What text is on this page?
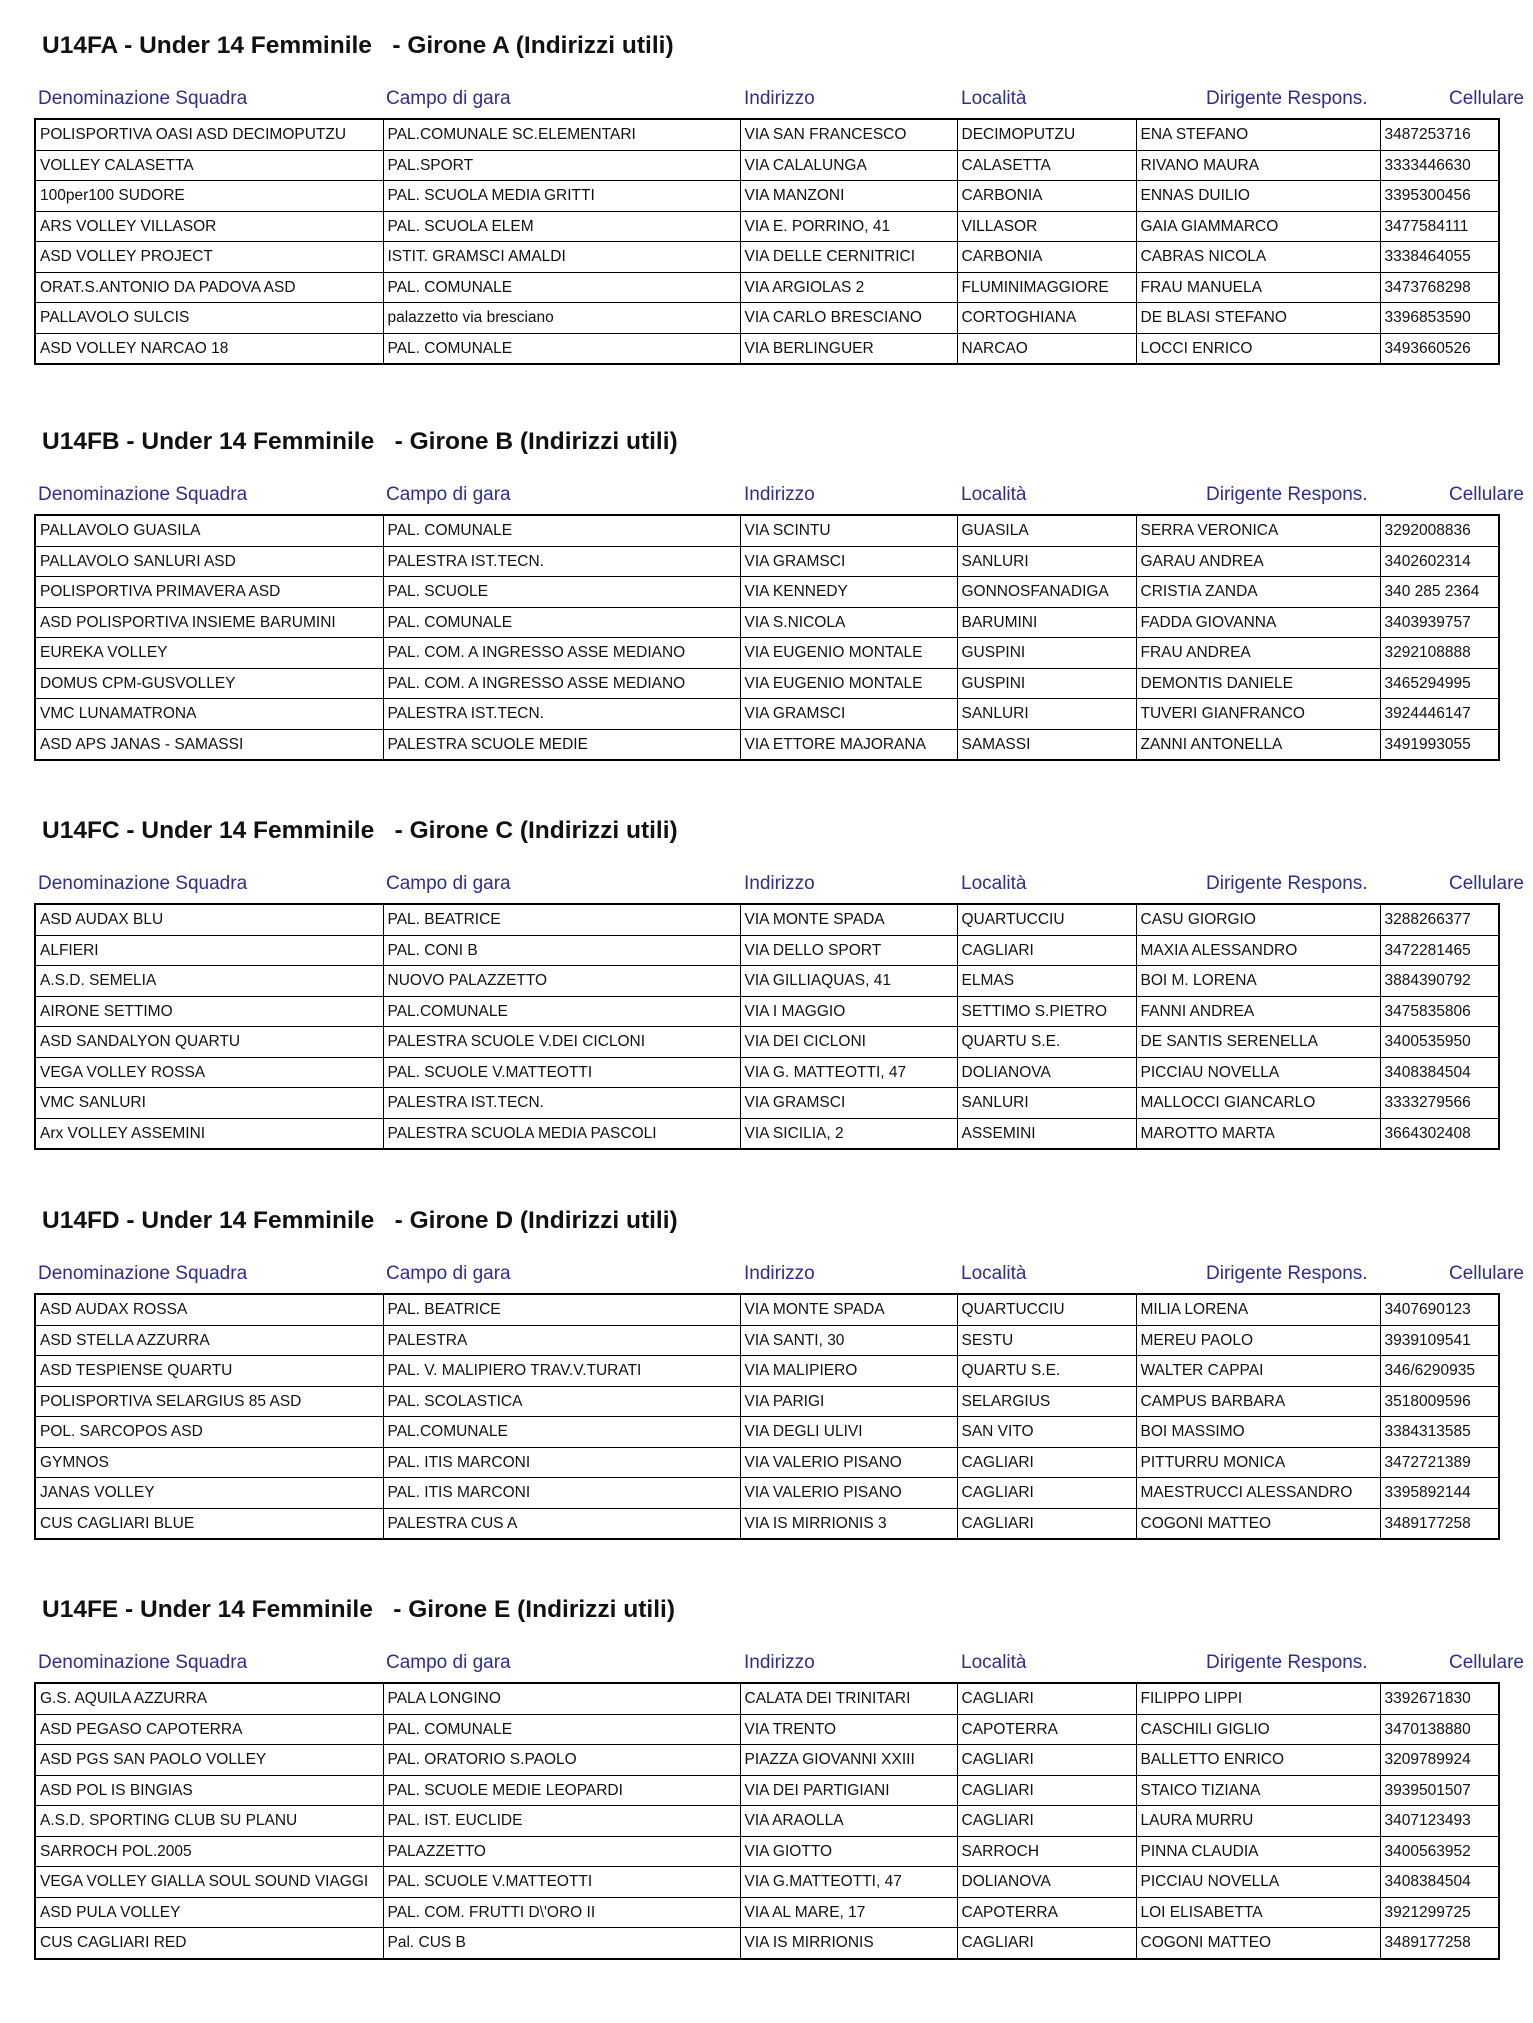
U14FA - Under 14 Femminile   - Girone A (Indirizzi utili)
Denominazione Squadra	Campo di gara	Indirizzo	Località	Dirigente Respons.	Cellulare
POLISPORTIVA OASI ASD DECIMOPUTZU	PAL.COMUNALE SC.ELEMENTARI	VIA SAN FRANCESCO	DECIMOPUTZU	ENA STEFANO	3487253716
VOLLEY CALASETTA	PAL.SPORT	VIA CALALUNGA	CALASETTA	RIVANO MAURA	3333446630
100per100 SUDORE	PAL. SCUOLA MEDIA GRITTI	VIA MANZONI	CARBONIA	ENNAS DUILIO	3395300456
ARS VOLLEY VILLASOR	PAL. SCUOLA ELEM	VIA E. PORRINO, 41	VILLASOR	GAIA GIAMMARCO	3477584111
ASD VOLLEY PROJECT	ISTIT. GRAMSCI AMALDI	VIA DELLE CERNITRICI	CARBONIA	CABRAS NICOLA	3338464055
ORAT.S.ANTONIO DA PADOVA ASD	PAL. COMUNALE	VIA ARGIOLAS 2	FLUMINIMAGGIORE	FRAU MANUELA	3473768298
PALLAVOLO SULCIS	palazzetto via bresciano	VIA CARLO BRESCIANO	CORTOGHIANA	DE BLASI STEFANO	3396853590
ASD VOLLEY NARCAO 18	PAL. COMUNALE	VIA BERLINGUER	NARCAO	LOCCI ENRICO	3493660526
U14FB - Under 14 Femminile   - Girone B (Indirizzi utili)
Denominazione Squadra	Campo di gara	Indirizzo	Località	Dirigente Respons.	Cellulare
PALLAVOLO GUASILA	PAL. COMUNALE	VIA SCINTU	GUASILA	SERRA VERONICA	3292008836
PALLAVOLO SANLURI ASD	PALESTRA IST.TECN.	VIA GRAMSCI	SANLURI	GARAU ANDREA	3402602314
POLISPORTIVA PRIMAVERA ASD	PAL. SCUOLE	VIA KENNEDY	GONNOSFANADIGA	CRISTIA ZANDA	340 285 2364
ASD POLISPORTIVA INSIEME BARUMINI	PAL. COMUNALE	VIA S.NICOLA	BARUMINI	FADDA GIOVANNA	3403939757
EUREKA VOLLEY	PAL. COM. A INGRESSO ASSE MEDIANO	VIA EUGENIO MONTALE	GUSPINI	FRAU ANDREA	3292108888
DOMUS CPM-GUSVOLLEY	PAL. COM. A INGRESSO ASSE MEDIANO	VIA EUGENIO MONTALE	GUSPINI	DEMONTIS DANIELE	3465294995
VMC LUNAMATRONA	PALESTRA IST.TECN.	VIA GRAMSCI	SANLURI	TUVERI GIANFRANCO	3924446147
ASD APS JANAS - SAMASSI	PALESTRA SCUOLE MEDIE	VIA ETTORE MAJORANA	SAMASSI	ZANNI ANTONELLA	3491993055
U14FC - Under 14 Femminile   - Girone C (Indirizzi utili)
Denominazione Squadra	Campo di gara	Indirizzo	Località	Dirigente Respons.	Cellulare
ASD AUDAX BLU	PAL. BEATRICE	VIA MONTE SPADA	QUARTUCCIU	CASU GIORGIO	3288266377
ALFIERI	PAL. CONI B	VIA DELLO SPORT	CAGLIARI	MAXIA ALESSANDRO	3472281465
A.S.D. SEMELIA	NUOVO PALAZZETTO	VIA GILLIAQUAS, 41	ELMAS	BOI M. LORENA	3884390792
AIRONE SETTIMO	PAL.COMUNALE	VIA I MAGGIO	SETTIMO S.PIETRO	FANNI ANDREA	3475835806
ASD SANDALYON QUARTU	PALESTRA SCUOLE V.DEI CICLONI	VIA DEI CICLONI	QUARTU S.E.	DE SANTIS SERENELLA	3400535950
VEGA VOLLEY ROSSA	PAL. SCUOLE V.MATTEOTTI	VIA G. MATTEOTTI, 47	DOLIANOVA	PICCIAU NOVELLA	3408384504
VMC SANLURI	PALESTRA IST.TECN.	VIA GRAMSCI	SANLURI	MALLOCCI GIANCARLO	3333279566
Arx VOLLEY ASSEMINI	PALESTRA SCUOLA MEDIA PASCOLI	VIA SICILIA, 2	ASSEMINI	MAROTTO MARTA	3664302408
U14FD - Under 14 Femminile   - Girone D (Indirizzi utili)
Denominazione Squadra	Campo di gara	Indirizzo	Località	Dirigente Respons.	Cellulare
ASD AUDAX ROSSA	PAL. BEATRICE	VIA MONTE SPADA	QUARTUCCIU	MILIA LORENA	3407690123
ASD STELLA AZZURRA	PALESTRA	VIA SANTI, 30	SESTU	MEREU PAOLO	3939109541
ASD TESPIENSE QUARTU	PAL. V. MALIPIERO TRAV.V.TURATI	VIA MALIPIERO	QUARTU S.E.	WALTER CAPPAI	346/6290935
POLISPORTIVA SELARGIUS 85 ASD	PAL. SCOLASTICA	VIA PARIGI	SELARGIUS	CAMPUS BARBARA	3518009596
POL. SARCOPOS ASD	PAL.COMUNALE	VIA DEGLI ULIVI	SAN VITO	BOI MASSIMO	3384313585
GYMNOS	PAL. ITIS MARCONI	VIA VALERIO PISANO	CAGLIARI	PITTURRU MONICA	3472721389
JANAS VOLLEY	PAL. ITIS MARCONI	VIA VALERIO PISANO	CAGLIARI	MAESTRUCCI ALESSANDRO	3395892144
CUS CAGLIARI BLUE	PALESTRA CUS A	VIA IS MIRRIONIS 3	CAGLIARI	COGONI MATTEO	3489177258
U14FE - Under 14 Femminile   - Girone E (Indirizzi utili)
Denominazione Squadra	Campo di gara	Indirizzo	Località	Dirigente Respons.	Cellulare
G.S. AQUILA AZZURRA	PALA LONGINO	CALATA DEI TRINITARI	CAGLIARI	FILIPPO LIPPI	3392671830
ASD PEGASO CAPOTERRA	PAL. COMUNALE	VIA TRENTO	CAPOTERRA	CASCHILI GIGLIO	3470138880
ASD PGS SAN PAOLO VOLLEY	PAL. ORATORIO S.PAOLO	PIAZZA GIOVANNI XXIII	CAGLIARI	BALLETTO ENRICO	3209789924
ASD POL IS BINGIAS	PAL. SCUOLE MEDIE LEOPARDI	VIA DEI PARTIGIANI	CAGLIARI	STAICO TIZIANA	3939501507
A.S.D. SPORTING CLUB SU PLANU	PAL. IST. EUCLIDE	VIA ARAOLLA	CAGLIARI	LAURA MURRU	3407123493
SARROCH POL.2005	PALAZZETTO	VIA GIOTTO	SARROCH	PINNA CLAUDIA	3400563952
VEGA VOLLEY GIALLA SOUL SOUND VIAGGI	PAL. SCUOLE V.MATTEOTTI	VIA G.MATTEOTTI, 47	DOLIANOVA	PICCIAU NOVELLA	3408384504
ASD PULA VOLLEY	PAL. COM. FRUTTI D\'ORO II	VIA AL MARE, 17	CAPOTERRA	LOI ELISABETTA	3921299725
CUS CAGLIARI RED	Pal. CUS B	VIA IS MIRRIONIS	CAGLIARI	COGONI MATTEO	3489177258
